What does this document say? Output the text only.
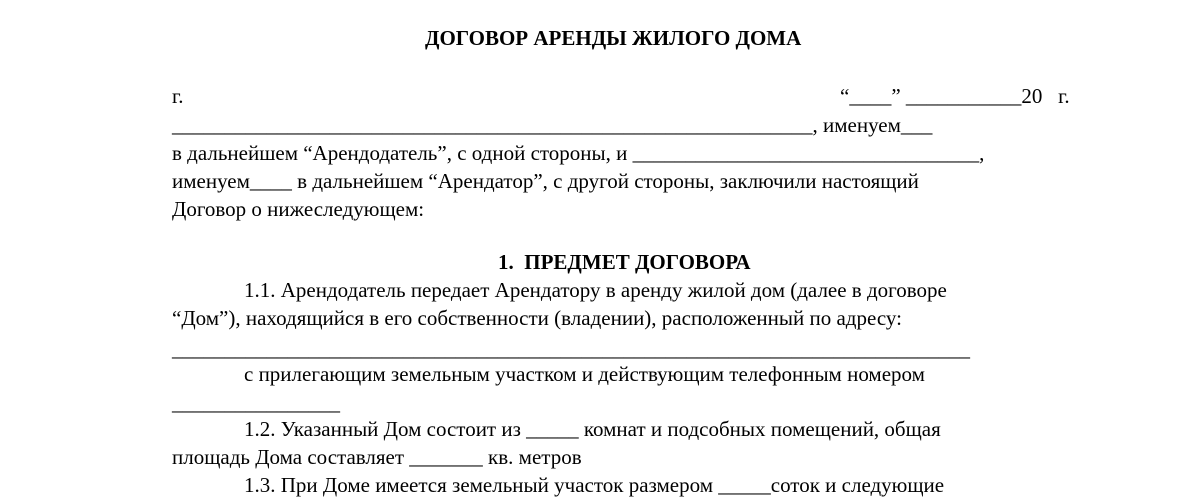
ДОГОВОР АРЕНДЫ ЖИЛОГО ДОМА
г.	“____” ___________20   г.
_____________________________________________________________, именуем___
в дальнейшем “Арендодатель”, с одной стороны, и _________________________________,
именуем____ в дальнейшем “Арендатор”, с другой стороны, заключили настоящий
Договор о нижеследующем:
1.  ПРЕДМЕТ ДОГОВОРА
1.1. Арендодатель передает Арендатору в аренду жилой дом (далее в договоре
“Дом”), находящийся в его собственности (владении), расположенный по адресу:
____________________________________________________________________________
с прилегающим земельным участком и действующим телефонным номером
________________
1.2. Указанный Дом состоит из _____ комнат и подсобных помещений, общая
площадь Дома составляет _______ кв. метров
1.3. При Доме имеется земельный участок размером _____соток и следующие
